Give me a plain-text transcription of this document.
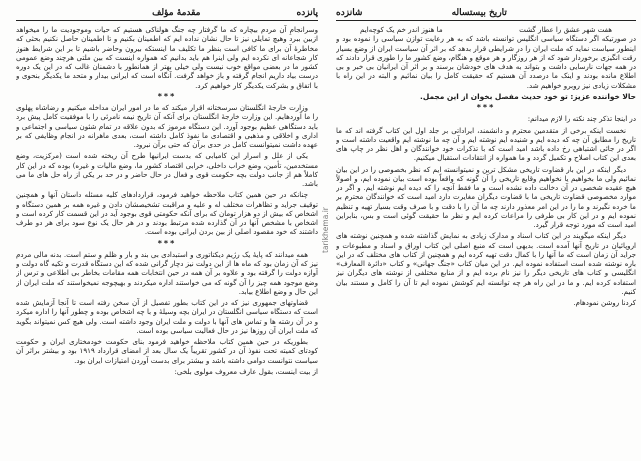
پانزده
مقدمهٔ مؤلف

وسرانجامِ آن مردم بیچاره که ما گرفتار چه جنگ هولناکی هستیم که حیات وموجودیت ما را میخواهد ازبین ببرد وهیچ تمایلی نیز تا حال نشان نداده ایم که اطمینان بکنیم و تا اطمینان حاصل نکنیم بحثی که مخاطرهٔ آن برای ما کافی است بنظر ما تکلیف ما اینستکه بیرون وحاضر باشیم تا بر این شرایط هنوز کار شجاعانه ای نکرده ایم ولی اینرا هم باید بدانیم که همواره اینست که بین ملتی هرچند وضع عمومی کشور ما در بعضی مواقع خوب نیست ولی خیلی بهتر از همانطور با دشمنان غالب که در این یک دوره درست بیاد داریم انجام گرفته و باز خواهد گرفت. آنگاه است که ایرانی بیدار و متحد ما یکدیگر بنحوی و با اتفاق و بشرکت یکدیگر کار خواهیم کرد.

***

وزارت خارجهٔ انگلستان سرسختانه اقرار میکند که ما در امور ایران مداخله میکنیم و رضاشاه پهلوی را ما آوردهایم. این وزارت خارجهٔ انگلستان برای آنکه آن تاریخ نیمه نامرئی را با موفقیت کامل پیش برد باید دستگاهی عظیم بوجود آورد. این دستگاه مرموز که بدون علاقه در تمام شئون سیاسی و اجتماعی و اداری و اخلاقی و مذهبی و اقتصادی ما نفوذ کامل داشته است، بعدی ماهرانه در انجام وظایفی که بر عهده داشت نمیتوانست کامل در حدی برآن که حتی برآن نبرود.

یکی از علل و اسرار این کامیابی که بدست ایرانیها طرح آن ریخته شده است (مرکزیت، وضع مستخدمین، تأمین، وضع خراب داخلی، خرابی اقتصاد کشور ما، وضع مالیات و غیره) بوده که در این کار کاملاً هم از جانب دولت بچه حکومت قوی و فعال در حال حاضر و در حد بر یکی از راه حل های ما می باشد.

چنانکه در حین همین کتاب ملاحظه خواهید فرمود، قراردادهای کلیه مسئله داستان آنها و همچنین توقیف جراید و تظاهرات مختلف له و علیه و مراقبت تشخیصشان دادن و غیره همه بر همین دستگاه و اشخاص که بیش از دو هزار تومان که برای آنکه حکومتی قوی بوجود آید در این قسمت کار کرده است و اشخاص با مشخص آنها در آن گذارده شده مرتبط بودند و در هر حال یک نوع سود برای هر دو طرف داشتند که خود مقصود اصلی از بین بردن ایرانی بوده است.

***

همه میدانند که پایهٔ یک رژیم دیکتاتوری و استبدادی بی بند و بار و ظلم و ستم است. بدنه مالی مردم نیز که آن زمان بود که ماه ها از این دولت نیز دچار گرانی شده که این دستگاه قدرت و تکیه گاه دولت و آوازه دولت را گرفته بود و علاوه بر آن همه در حین انتخابات همه مقامات بخاطر بی اطلاعی و ترس از وضع موجود همه چیز را آن گونه که می خواستند اداره میکردند و بهیچوجه نمیخواستند که ملت ایران از این حال و وضع اطلاع بیابد.

قضاوتهای جمهوری نیز که در این کتاب بطور تفصیل از آن سخن رفته است تا آنجا آزمایش شده است که دستگاه سیاسی انگلستان در ایران بچه وسیلهٔ و با چه اشخاص بوده و چطور آنها را اداره میکرد و در آن رشته ها و تماس های آنها با دولت و ملت ایران وجود داشته است. ولی هیچ کس نمیتواند بگوید که ملت ایران آن روزها نیز در حال فعالیت سیاسی بوده است.

بطوریکه در حین همین کتاب ملاحظه خواهید فرمود بنای حکومت خودمختاری ایران و حکومت کودتای کمیته تحت نفوذ آن در کشور تقریباً یک سال بعد از امضای قرارداد ۱۹۱۹ بود و بیشتر براثر آن سیاست نتوانست دوامی داشته باشد و بیشتر برای بدست آوردن امتیازات ایران بود.

از بیت اینست، بقول عارف معروف مولوی بلخی:

tarikhema.ir
تاریخ بیستساله
شانزده
هفت شهر عشق را عطار گشت
ما هنوز اندر خم یک کوچه‌ایم

در صورتیکه اگر دستگاه سیاسی انگلیس توانسته باشد که به هر رعایت توازن سیاسی را نموده بود و اینطور سیاست نماید که ملت ایران را در شرایطی قرار بدهد که بر اثر آن سیاست ایران از وضع بسیار رقت انگیزی برخوردار شود که از هر روزگار و هر موقع و هنگام، وضع کشور ما را طوری قرار دادند که در همه جهات نارسایی داشت و بتواند به هدف های خودشان برسند و بر اثر آن ایرانیان بی خبر و بی اطلاع مانده بودند و اینک ما درصدد آن هستیم که حقیقت کامل را بیان نمائیم و البته در این راه با مشکلات زیادی نیز روبرو خواهیم شد.

حالا خواننده عزیز: تو خود حدیث مفصل بخوان از این مجمل.

***

در اینجا تذکر چند نکته را لازم میدانم:

نخست اینکه برخی از متقدمین محترم و دانشمند، ایراداتی بر جلد اول این کتاب گرفته اند که ما تاریخ را مطابق آن چه که دیده ایم و شنیده ایم نوشته ایم و آن چه ما نوشته ایم واقعیت داشته است و اگر در جائی اشتباهی رخ داده باشد امید است که با تذکرات خود خوانندگان و اهل نظر در چاپ های بعدی این کتاب اصلاح و تکمیل گردد و ما همواره از انتقادات استقبال میکنیم.

دیگر اینکه در این بار قضاوت تاریخی مشکل ترین و نمیتوانسته ایم که نظر بخصوصی را در این بیان نمائیم ولی ما بخواهیم یا نخواهیم وقایع تاریخی را آن گونه که واقعاً بوده است بیان نموده ایم، و اصولاً هیچ عقیده شخصی در آن دخالت داده نشده است و ما فقط آنچه را که دیده ایم نوشته ایم. و اگر در موارد مخصوصی قضاوت تاریخی ما با قضاوت دیگران مغایرت دارد امید است که خوانندگان محترم بر ما خرده نگیرند و ما را در این امر معذور دارند چه ما آن را با دقت و با صرف وقت بسیار تهیه و تنظیم نموده ایم و در این کار بی طرفی را مراعات کرده ایم و نظر ما حقیقت گوئی است و بس، بنابراین امید است که مورد توجه قرار گیرد.

دیگر اینکه میگویند در این کتاب اسناد و مدارک زیادی به نمایش گذاشته شده و همچنین نوشته های اروپائیان در تاریخ آنها آمده است. بدیهی است که منبع اصلی این کتاب اوراق و اسناد و مطبوعات و جراید آن زمان است که ما آنها را با کمال دقت تهیه کرده ایم و همچنین از کتاب های مختلف که در این باره نوشته شده است استفاده نموده ایم. در این میان کتاب «جنگ جهانی» و کتاب «دائرة المعارف» انگلیسی و کتاب های تاریخی دیگر را نیز نام برده ایم و از منابع مختلفی از نوشته های دیگران نیز استفاده کرده ایم. و ما در این راه هر چه توانسته ایم کوشش نموده ایم تا آن را کامل و مستند بیان کنیم.

کردنا روشن نمودهام.
